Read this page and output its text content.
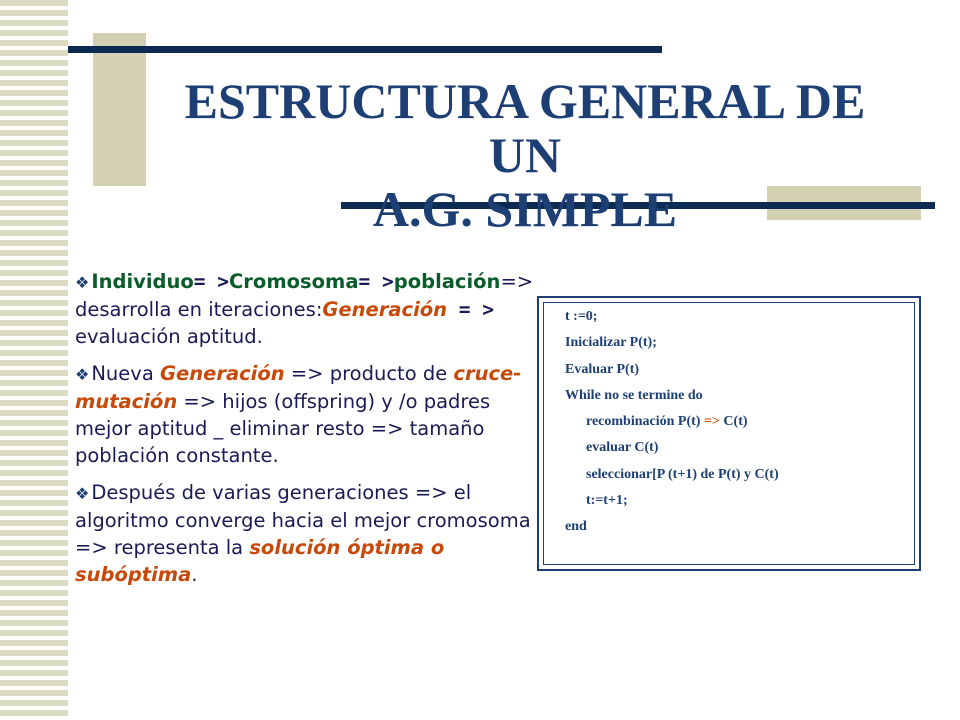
ESTRUCTURA GENERAL DE UN
A.G. SIMPLE

❖ Individuo= >Cromosoma= >población=> desarrolla en iteraciones:Generación = > evaluación aptitud.

❖ Nueva Generación => producto de cruce- mutación => hijos (offspring) y /o padres mejor aptitud _ eliminar resto => tamaño población constante.

❖ Después de varias generaciones => el algoritmo converge hacia el mejor cromosoma => representa la solución óptima o subóptima.

t :=0;
Inicializar P(t);
Evaluar P(t)
While no se termine do
recombinación P(t) => C(t)
evaluar C(t)
seleccionar[P (t+1) de P(t) y C(t)
t:=t+1;
end
